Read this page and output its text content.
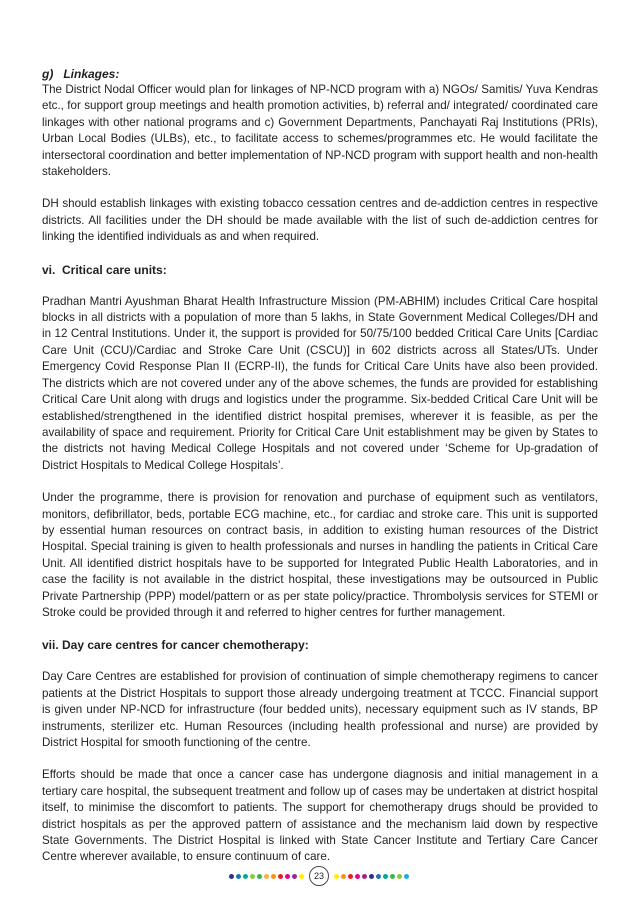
g)   Linkages:

The District Nodal Officer would plan for linkages of NP-NCD program with a) NGOs/ Samitis/ Yuva Kendras etc., for support group meetings and health promotion activities, b) referral and/ integrated/ coordinated care linkages with other national programs and c) Government Departments, Panchayati Raj Institutions (PRIs), Urban Local Bodies (ULBs), etc., to facilitate access to schemes/programmes etc. He would facilitate the intersectoral coordination and better implementation of NP-NCD program with support health and non-health stakeholders.

DH should establish linkages with existing tobacco cessation centres and de-addiction centres in respective districts. All facilities under the DH should be made available with the list of such de-addiction centres for linking the identified individuals as and when required.

vi.  Critical care units:

Pradhan Mantri Ayushman Bharat Health Infrastructure Mission (PM-ABHIM) includes Critical Care hospital blocks in all districts with a population of more than 5 lakhs, in State Government Medical Colleges/DH and in 12 Central Institutions. Under it, the support is provided for 50/75/100 bedded Critical Care Units [Cardiac Care Unit (CCU)/Cardiac and Stroke Care Unit (CSCU)] in 602 districts across all States/UTs. Under Emergency Covid Response Plan II (ECRP-II), the funds for Critical Care Units have also been provided. The districts which are not covered under any of the above schemes, the funds are provided for establishing Critical Care Unit along with drugs and logistics under the programme. Six-bedded Critical Care Unit will be established/strengthened in the identified district hospital premises, wherever it is feasible, as per the availability of space and requirement. Priority for Critical Care Unit establishment may be given by States to the districts not having Medical College Hospitals and not covered under ‘Scheme for Up-gradation of District Hospitals to Medical College Hospitals’.

Under the programme, there is provision for renovation and purchase of equipment such as ventilators, monitors, defibrillator, beds, portable ECG machine, etc., for cardiac and stroke care. This unit is supported by essential human resources on contract basis, in addition to existing human resources of the District Hospital. Special training is given to health professionals and nurses in handling the patients in Critical Care Unit. All identified district hospitals have to be supported for Integrated Public Health Laboratories, and in case the facility is not available in the district hospital, these investigations may be outsourced in Public Private Partnership (PPP) model/pattern or as per state policy/practice. Thrombolysis services for STEMI or Stroke could be provided through it and referred to higher centres for further management.

vii. Day care centres for cancer chemotherapy:

Day Care Centres are established for provision of continuation of simple chemotherapy regimens to cancer patients at the District Hospitals to support those already undergoing treatment at TCCC. Financial support is given under NP-NCD for infrastructure (four bedded units), necessary equipment such as IV stands, BP instruments, sterilizer etc. Human Resources (including health professional and nurse) are provided by District Hospital for smooth functioning of the centre.

Efforts should be made that once a cancer case has undergone diagnosis and initial management in a tertiary care hospital, the subsequent treatment and follow up of cases may be undertaken at district hospital itself, to minimise the discomfort to patients. The support for chemotherapy drugs should be provided to district hospitals as per the approved pattern of assistance and the mechanism laid down by respective State Governments. The District Hospital is linked with State Cancer Institute and Tertiary Care Cancer Centre wherever available, to ensure continuum of care.

23
